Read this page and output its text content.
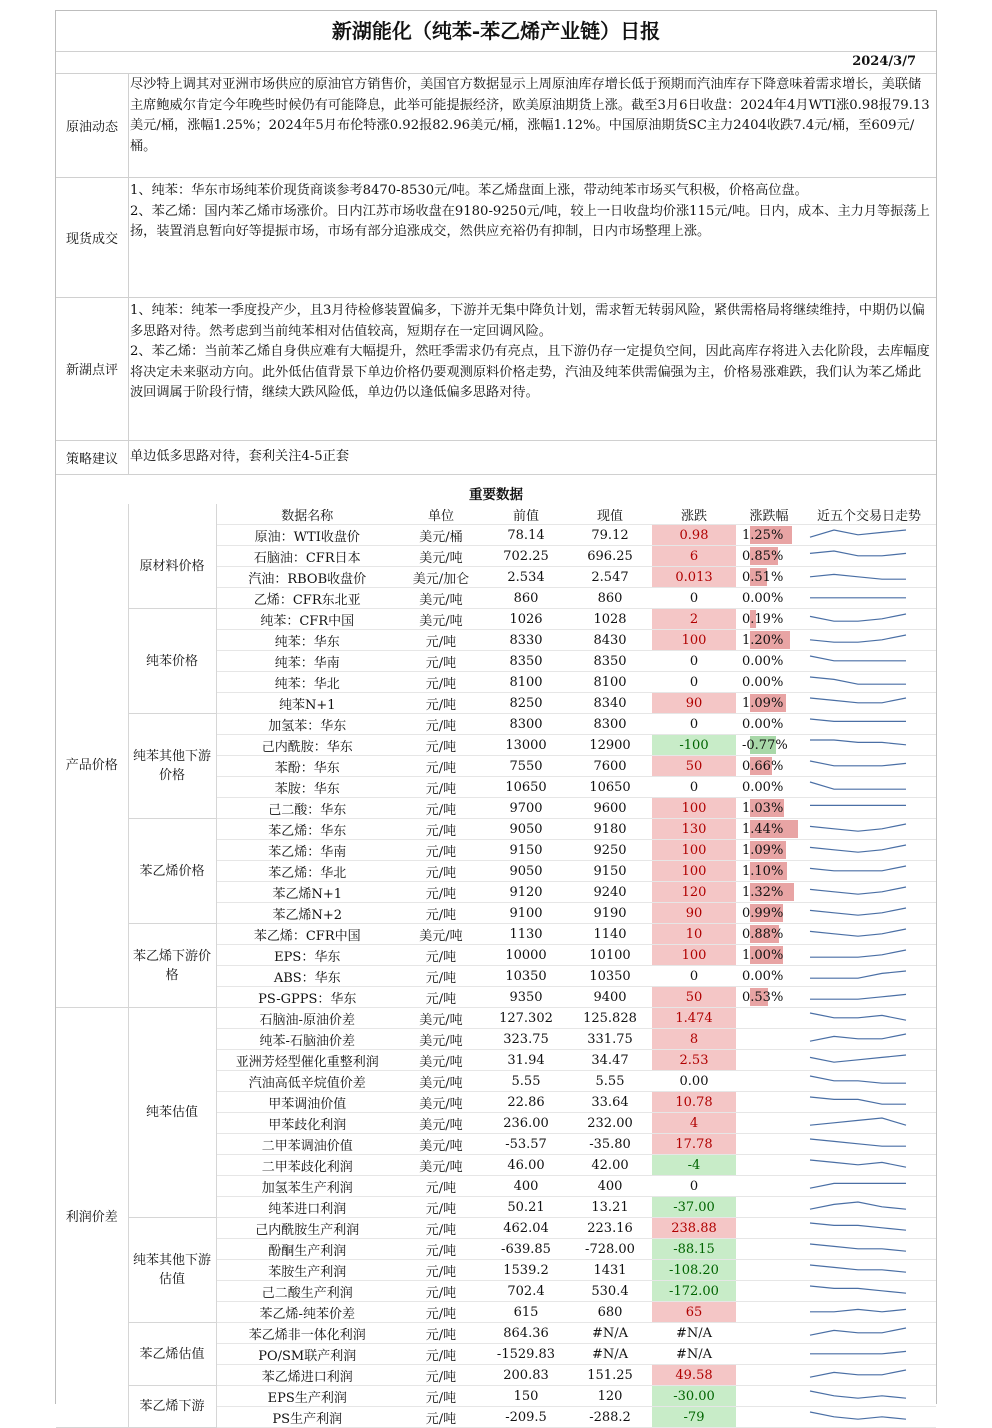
新湖能化（纯苯-苯乙烯产业链）日报
2024/3/7
原油动态
尽沙特上调其对亚洲市场供应的原油官方销售价，美国官方数据显示上周原油库存增长低于预期而汽油库存下降意味着需求增长，美联储主席鲍威尔肯定今年晚些时候仍有可能降息，此举可能提振经济，欧美原油期货上涨。截至3月6日收盘：2024年4月WTI涨0.98报79.13美元/桶，涨幅1.25%；2024年5月布伦特涨0.92报82.96美元/桶，涨幅1.12%。中国原油期货SC主力2404收跌7.4元/桶，至609元/桶。
现货成交
1、纯苯：华东市场纯苯价现货商谈参考8470-8530元/吨。苯乙烯盘面上涨，带动纯苯市场买气积极，价格高位盘。
2、苯乙烯：国内苯乙烯市场涨价。日内江苏市场收盘在9180-9250元/吨，较上一日收盘均价涨115元/吨。日内，成本、主力月等振荡上扬，装置消息暂向好等提振市场，市场有部分追涨成交，然供应充裕仍有抑制，日内市场整理上涨。
新湖点评
1、纯苯：纯苯一季度投产少，且3月待检修装置偏多，下游并无集中降负计划，需求暂无转弱风险，紧供需格局将继续维持，中期仍以偏多思路对待。然考虑到当前纯苯相对估值较高，短期存在一定回调风险。
2、苯乙烯：当前苯乙烯自身供应难有大幅提升，然旺季需求仍有亮点，且下游仍存一定提负空间，因此高库存将进入去化阶段，去库幅度将决定未来驱动方向。此外低估值背景下单边价格仍要观测原料价格走势，汽油及纯苯供需偏强为主，价格易涨难跌，我们认为苯乙烯此波回调属于阶段行情，继续大跌风险低，单边仍以逢低偏多思路对待。
策略建议 单边低多思路对待，套利关注4-5正套
重要数据
		数据名称	单位	前值	现值	涨跌	涨跌幅	近五个交易日走势
产品价格	原材料价格	原油：WTI收盘价	美元/桶	78.14	79.12	0.98	1.25%	

		石脑油：CFR日本	美元/吨	702.25	696.25	6	0.85%	

		汽油：RBOB收盘价	美元/加仑	2.534	2.547	0.013	0.51%	

		乙烯：CFR东北亚	美元/吨	860	860	0	0.00%	

	纯苯价格	纯苯：CFR中国	美元/吨	1026	1028	2	0.19%	

		纯苯：华东	元/吨	8330	8430	100	1.20%	

		纯苯：华南	元/吨	8350	8350	0	0.00%	

		纯苯：华北	元/吨	8100	8100	0	0.00%	

		纯苯N+1	元/吨	8250	8340	90	1.09%	

	纯苯其他下游价格	加氢苯：华东	元/吨	8300	8300	0	0.00%	

		己内酰胺：华东	元/吨	13000	12900	-100	-0.77%	

		苯酚：华东	元/吨	7550	7600	50	0.66%	

		苯胺：华东	元/吨	10650	10650	0	0.00%	

		己二酸：华东	元/吨	9700	9600	100	1.03%	

	苯乙烯价格	苯乙烯：华东	元/吨	9050	9180	130	1.44%	

		苯乙烯：华南	元/吨	9150	9250	100	1.09%	

		苯乙烯：华北	元/吨	9050	9150	100	1.10%	

		苯乙烯N+1	元/吨	9120	9240	120	1.32%	

		苯乙烯N+2	元/吨	9100	9190	90	0.99%	

	苯乙烯下游价格	苯乙烯：CFR中国	美元/吨	1130	1140	10	0.88%	

		EPS：华东	元/吨	10000	10100	100	1.00%	

		ABS：华东	元/吨	10350	10350	0	0.00%	

		PS-GPPS：华东	元/吨	9350	9400	50	0.53%	

利润价差	纯苯估值	石脑油-原油价差	美元/吨	127.302	125.828	1.474		

		纯苯-石脑油价差	美元/吨	323.75	331.75	8		

		亚洲芳烃型催化重整利润	美元/吨	31.94	34.47	2.53		

		汽油高低辛烷值价差	美元/吨	5.55	5.55	0.00		

		甲苯调油价值	美元/吨	22.86	33.64	10.78		

		甲苯歧化利润	美元/吨	236.00	232.00	4		

		二甲苯调油价值	美元/吨	-53.57	-35.80	17.78		

		二甲苯歧化利润	美元/吨	46.00	42.00	-4		

		加氢苯生产利润	元/吨	400	400	0		

		纯苯进口利润	元/吨	50.21	13.21	-37.00		

	纯苯其他下游估值	己内酰胺生产利润	元/吨	462.04	223.16	238.88		

		酚酮生产利润	元/吨	-639.85	-728.00	-88.15		

		苯胺生产利润	元/吨	1539.2	1431	-108.20		

		己二酸生产利润	元/吨	702.4	530.4	-172.00		

		苯乙烯-纯苯价差	元/吨	615	680	65		

	苯乙烯估值	苯乙烯非一体化利润	元/吨	864.36	#N/A	#N/A		

		PO/SM联产利润	元/吨	-1529.83	#N/A	#N/A		

		苯乙烯进口利润	元/吨	200.83	151.25	49.58		

	苯乙烯下游	EPS生产利润	元/吨	150	120	-30.00		

		PS生产利润	元/吨	-209.5	-288.2	-79		
